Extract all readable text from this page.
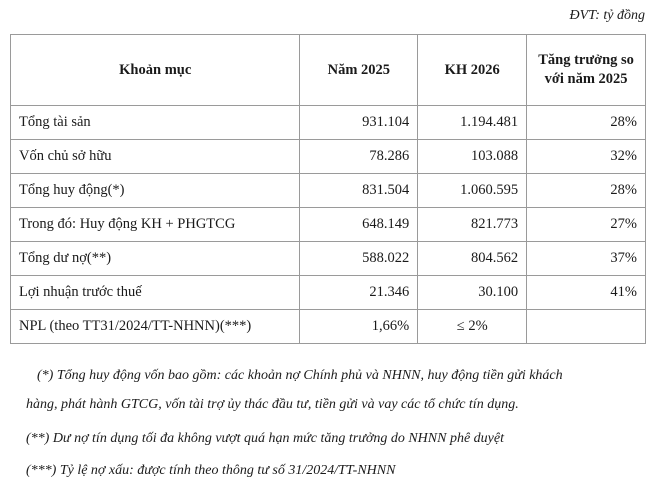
ĐVT: tỷ đồng
Khoản mục	Năm 2025	KH 2026	Tăng trưởng so với năm 2025
Tổng tài sản	931.104	1.194.481	28%
Vốn chủ sở hữu	78.286	103.088	32%
Tổng huy động(*)	831.504	1.060.595	28%
Trong đó: Huy động KH + PHGTCG	648.149	821.773	27%
Tổng dư nợ(**)	588.022	804.562	37%
Lợi nhuận trước thuế	21.346	30.100	41%
NPL (theo TT31/2024/TT-NHNN)(***)	1,66%	≤ 2%	

(*) Tổng huy động vốn bao gồm: các khoản nợ Chính phủ và NHNN, huy động tiền gửi khách

hàng, phát hành GTCG, vốn tài trợ ủy thác đầu tư, tiền gửi và vay các tổ chức tín dụng.

(**) Dư nợ tín dụng tối đa không vượt quá hạn mức tăng trưởng do NHNN phê duyệt

(***) Tỷ lệ nợ xấu: được tính theo thông tư số 31/2024/TT-NHNN
